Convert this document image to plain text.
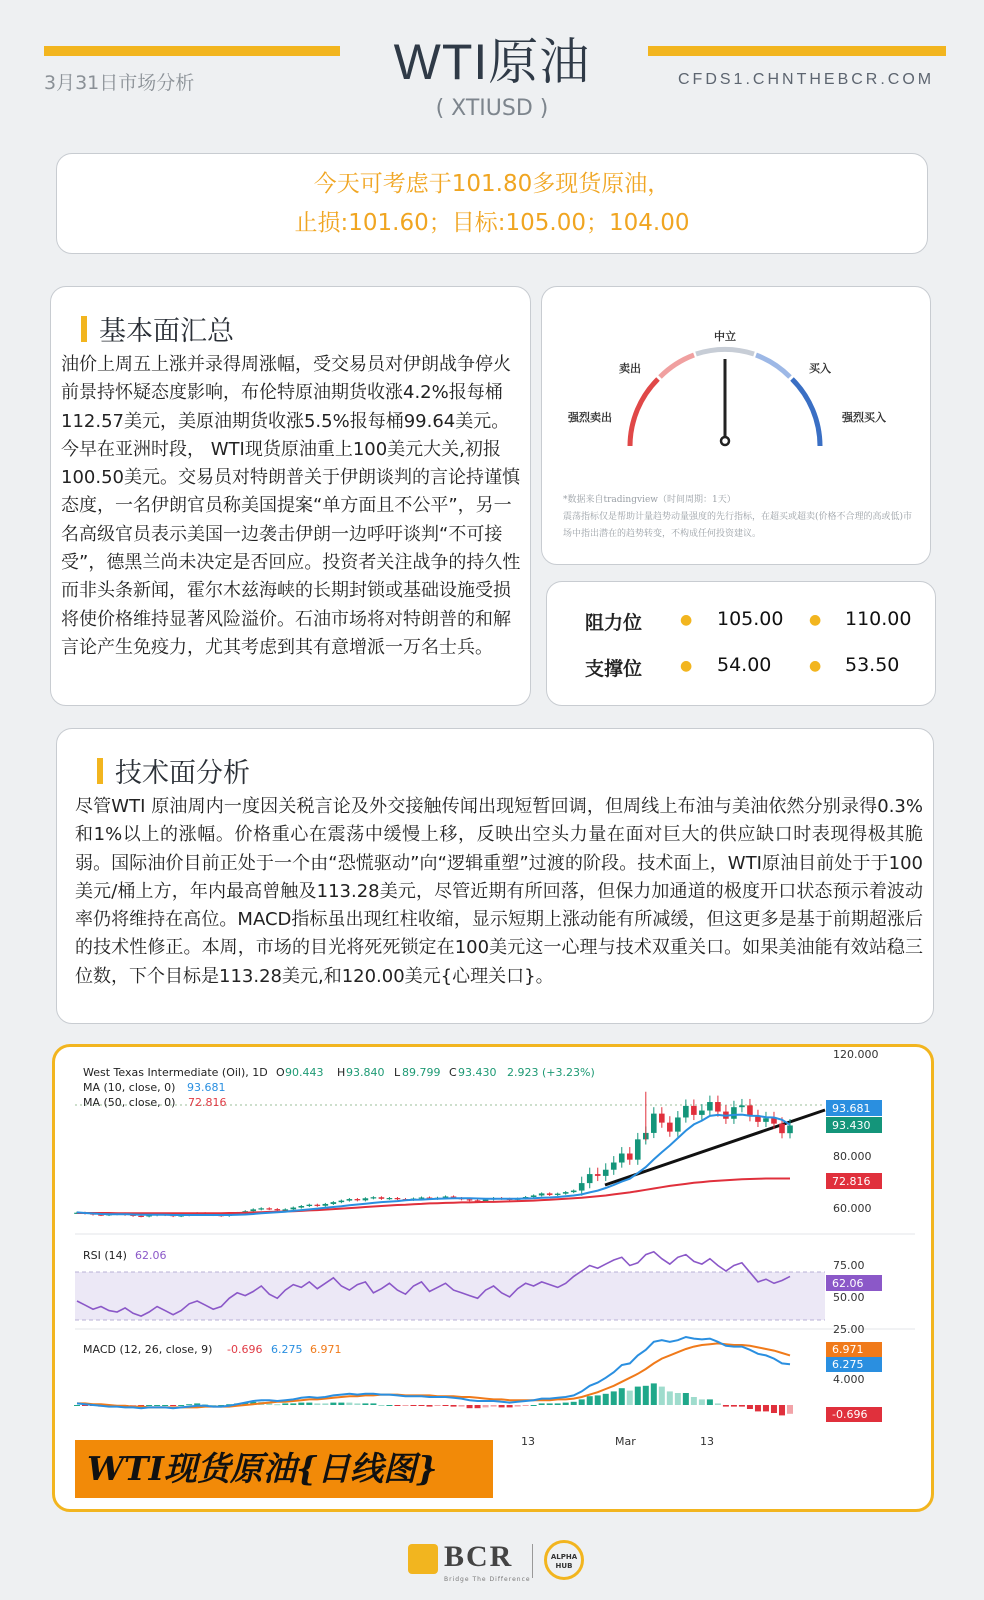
3月31日市场分析	WTI原油
( XTIUSD )
CFDS1.CHNTHEBCR.COM
今天可考虑于101.80多现货原油，
止损:101.60；目标:105.00；104.00
基本面汇总
油价上周五上涨并录得周涨幅，受交易员对伊朗战争停火前景持怀疑态度影响，布伦特原油期货收涨4.2%报每桶112.57美元，美原油期货收涨5.5%报每桶99.64美元。今早在亚洲时段， WTI现货原油重上100美元大关,初报100.50美元。交易员对特朗普关于伊朗谈判的言论持谨慎态度，一名伊朗官员称美国提案“单方面且不公平”，另一名高级官员表示美国一边袭击伊朗一边呼吁谈判“不可接受”，德黑兰尚未决定是否回应。投资者关注战争的持久性而非头条新闻，霍尔木兹海峡的长期封锁或基础设施受损将使价格维持显著风险溢价。石油市场将对特朗普的和解言论产生免疫力，尤其考虑到其有意增派一万名士兵。
中立
卖出	买入
强烈卖出	强烈买入
*数据来自tradingview（时间周期：1天）
震荡指标仅是帮助计量趋势动量强度的先行指标，在超买或超卖(价格不合理的高或低)市场中指出潜在的趋势转变，不构成任何投资建议。
阻力位	● 105.00 ● 110.00
支撑位	● 54.00	● 53.50
技术面分析
尽管WTI 原油周内一度因关税言论及外交接触传闻出现短暂回调，但周线上布油与美油依然分别录得0.3%和1%以上的涨幅。价格重心在震荡中缓慢上移，反映出空头力量在面对巨大的供应缺口时表现得极其脆弱。国际油价目前正处于一个由“恐慌驱动”向“逻辑重塑”过渡的阶段。技术面上，WTI原油目前处于于100美元/桶上方，年内最高曾触及113.28美元，尽管近期有所回落，但保力加通道的极度开口状态预示着波动率仍将维持在高位。MACD指标虽出现红柱收缩，显示短期上涨动能有所减缓，但这更多是基于前期超涨后的技术性修正。本周，市场的目光将死死锁定在100美元这一心理与技术双重关口。如果美油能有效站稳三位数，下个目标是113.28美元,和120.00美元{心理关口}。
West Texas Intermediate (Oil), 1D O 90.443 H 93.840 L 89.799 C 93.430 2.923 (+3.23%)
MA (10, close, 0) 93.681
MA (50, close, 0) 72.816
120.000
80.000
60.000
93.681
93.430
72.816
RSI (14) 62.06
75.00
62.06
50.00
25.00
MACD (12, 26, close, 9) -0.696 6.275 6.971	6.971
6.275
4.000
-0.696
13	Mar	13
WTI现货原油{日线图}
BCR
Bridge The Difference
ALPHA
HUB
